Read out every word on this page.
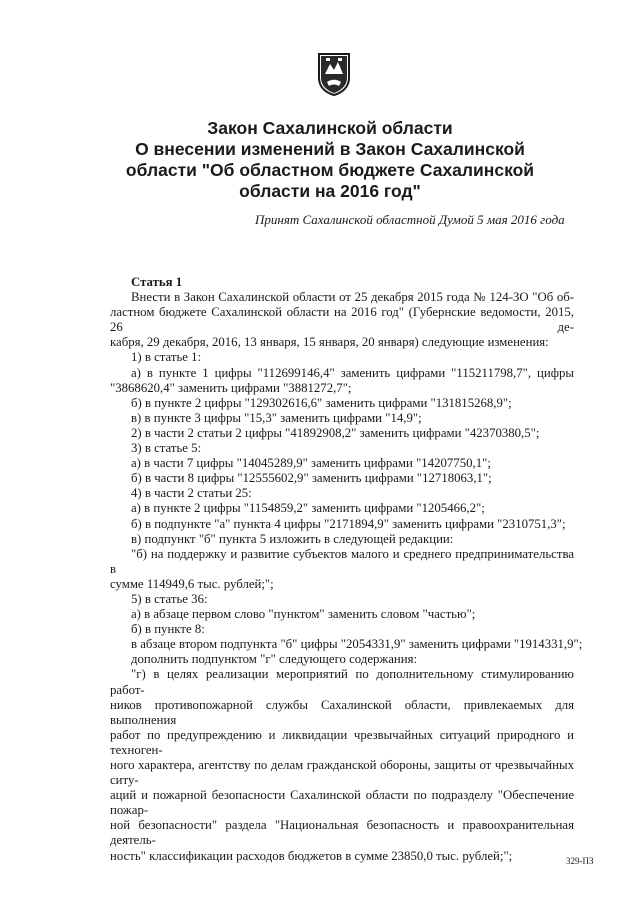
Закон Сахалинской области
О внесении изменений в Закон Сахалинской
области "Об областном бюджете Сахалинской
области на 2016 год"
Принят Сахалинской областной Думой 5 мая 2016 года
Статья 1
Внести в Закон Сахалинской области от 25 декабря 2015 года № 124-ЗО "Об об-
ластном бюджете Сахалинской области на 2016 год" (Губернские ведомости, 2015, 26 де-
кабря, 29 декабря, 2016, 13 января, 15 января, 20 января) следующие изменения:
1) в статье 1:
а) в пункте 1 цифры "112699146,4" заменить цифрами "115211798,7", цифры
"3868620,4" заменить цифрами "3881272,7";
б) в пункте 2 цифры "129302616,6" заменить цифрами "131815268,9";
в) в пункте 3 цифры "15,3" заменить цифрами "14,9";
2) в части 2 статьи 2 цифры "41892908,2" заменить цифрами "42370380,5";
3) в статье 5:
а) в части 7 цифры "14045289,9" заменить цифрами "14207750,1";
б) в части 8 цифры "12555602,9" заменить цифрами "12718063,1";
4) в части 2 статьи 25:
а) в пункте 2 цифры "1154859,2" заменить цифрами "1205466,2";
б) в подпункте "а" пункта 4 цифры "2171894,9" заменить цифрами "2310751,3";
в) подпункт "б" пункта 5 изложить в следующей редакции:
"б) на поддержку и развитие субъектов малого и среднего предпринимательства в
сумме 114949,6 тыс. рублей;";
5) в статье 36:
а) в абзаце первом слово "пунктом" заменить словом "частью";
б) в пункте 8:
в абзаце втором подпункта "б" цифры "2054331,9" заменить цифрами "1914331,9";
дополнить подпунктом "г" следующего содержания:
"г) в целях реализации мероприятий по дополнительному стимулированию работ-
ников противопожарной службы Сахалинской области, привлекаемых для выполнения
работ по предупреждению и ликвидации чрезвычайных ситуаций природного и техноген-
ного характера, агентству по делам гражданской обороны, защиты от чрезвычайных ситу-
аций и пожарной безопасности Сахалинской области по подразделу "Обеспечение пожар-
ной безопасности" раздела "Национальная безопасность и правоохранительная деятель-
ность" классификации расходов бюджетов в сумме 23850,0 тыс. рублей;";	329-ПЗ
